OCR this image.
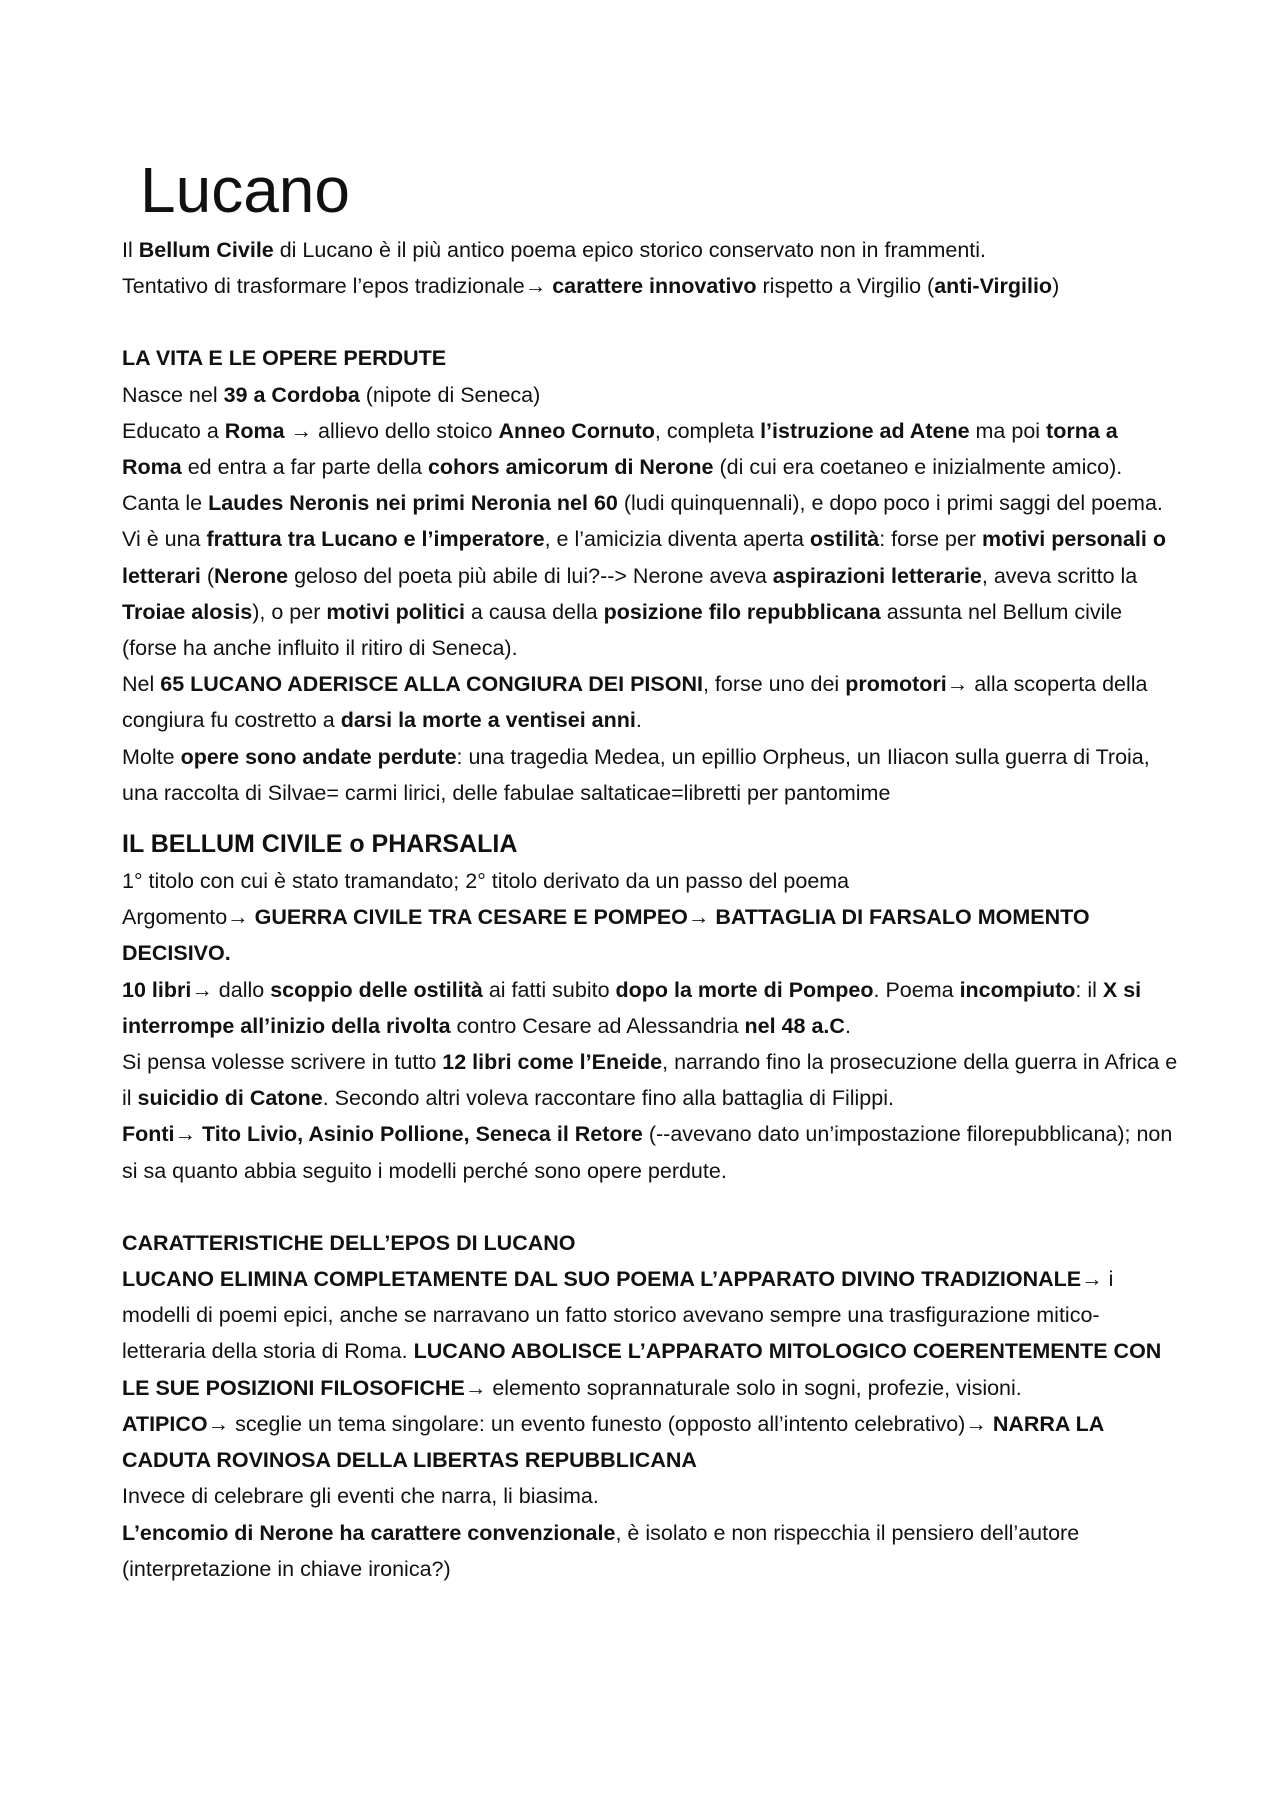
Lucano

Il Bellum Civile di Lucano è il più antico poema epico storico conservato non in frammenti.

Tentativo di trasformare l’epos tradizionale→ carattere innovativo rispetto a Virgilio (anti-Virgilio)

LA VITA E LE OPERE PERDUTE

Nasce nel 39 a Cordoba (nipote di Seneca)

Educato a Roma → allievo dello stoico Anneo Cornuto, completa l’istruzione ad Atene ma poi torna a Roma ed entra a far parte della cohors amicorum di Nerone (di cui era coetaneo e inizialmente amico). Canta le Laudes Neronis nei primi Neronia nel 60 (ludi quinquennali), e dopo poco i primi saggi del poema.

Vi è una frattura tra Lucano e l’imperatore, e l’amicizia diventa aperta ostilità: forse per motivi personali o letterari (Nerone geloso del poeta più abile di lui?--> Nerone aveva aspirazioni letterarie, aveva scritto la Troiae alosis), o per motivi politici a causa della posizione filo repubblicana assunta nel Bellum civile (forse ha anche influito il ritiro di Seneca).

Nel 65 LUCANO ADERISCE ALLA CONGIURA DEI PISONI, forse uno dei promotori→ alla scoperta della congiura fu costretto a darsi la morte a ventisei anni.

Molte opere sono andate perdute: una tragedia Medea, un epillio Orpheus, un Iliacon sulla guerra di Troia, una raccolta di Silvae= carmi lirici, delle fabulae saltaticae=libretti per pantomime

IL BELLUM CIVILE o PHARSALIA

1° titolo con cui è stato tramandato; 2° titolo derivato da un passo del poema

Argomento→ GUERRA CIVILE TRA CESARE E POMPEO→ BATTAGLIA DI FARSALO MOMENTO DECISIVO.

10 libri→ dallo scoppio delle ostilità ai fatti subito dopo la morte di Pompeo. Poema incompiuto: il X si interrompe all’inizio della rivolta contro Cesare ad Alessandria nel 48 a.C.

Si pensa volesse scrivere in tutto 12 libri come l’Eneide, narrando fino la prosecuzione della guerra in Africa e il suicidio di Catone. Secondo altri voleva raccontare fino alla battaglia di Filippi.

Fonti→ Tito Livio, Asinio Pollione, Seneca il Retore (--avevano dato un’impostazione filorepubblicana); non si sa quanto abbia seguito i modelli perché sono opere perdute.

CARATTERISTICHE DELL’EPOS DI LUCANO

LUCANO ELIMINA COMPLETAMENTE DAL SUO POEMA L’APPARATO DIVINO TRADIZIONALE→ i modelli di poemi epici, anche se narravano un fatto storico avevano sempre una trasfigurazione mitico-letteraria della storia di Roma. LUCANO ABOLISCE L’APPARATO MITOLOGICO COERENTEMENTE CON LE SUE POSIZIONI FILOSOFICHE→ elemento soprannaturale solo in sogni, profezie, visioni.

ATIPICO→ sceglie un tema singolare: un evento funesto (opposto all’intento celebrativo)→ NARRA LA CADUTA ROVINOSA DELLA LIBERTAS REPUBBLICANA

Invece di celebrare gli eventi che narra, li biasima.

L’encomio di Nerone ha carattere convenzionale, è isolato e non rispecchia il pensiero dell’autore (interpretazione in chiave ironica?)
